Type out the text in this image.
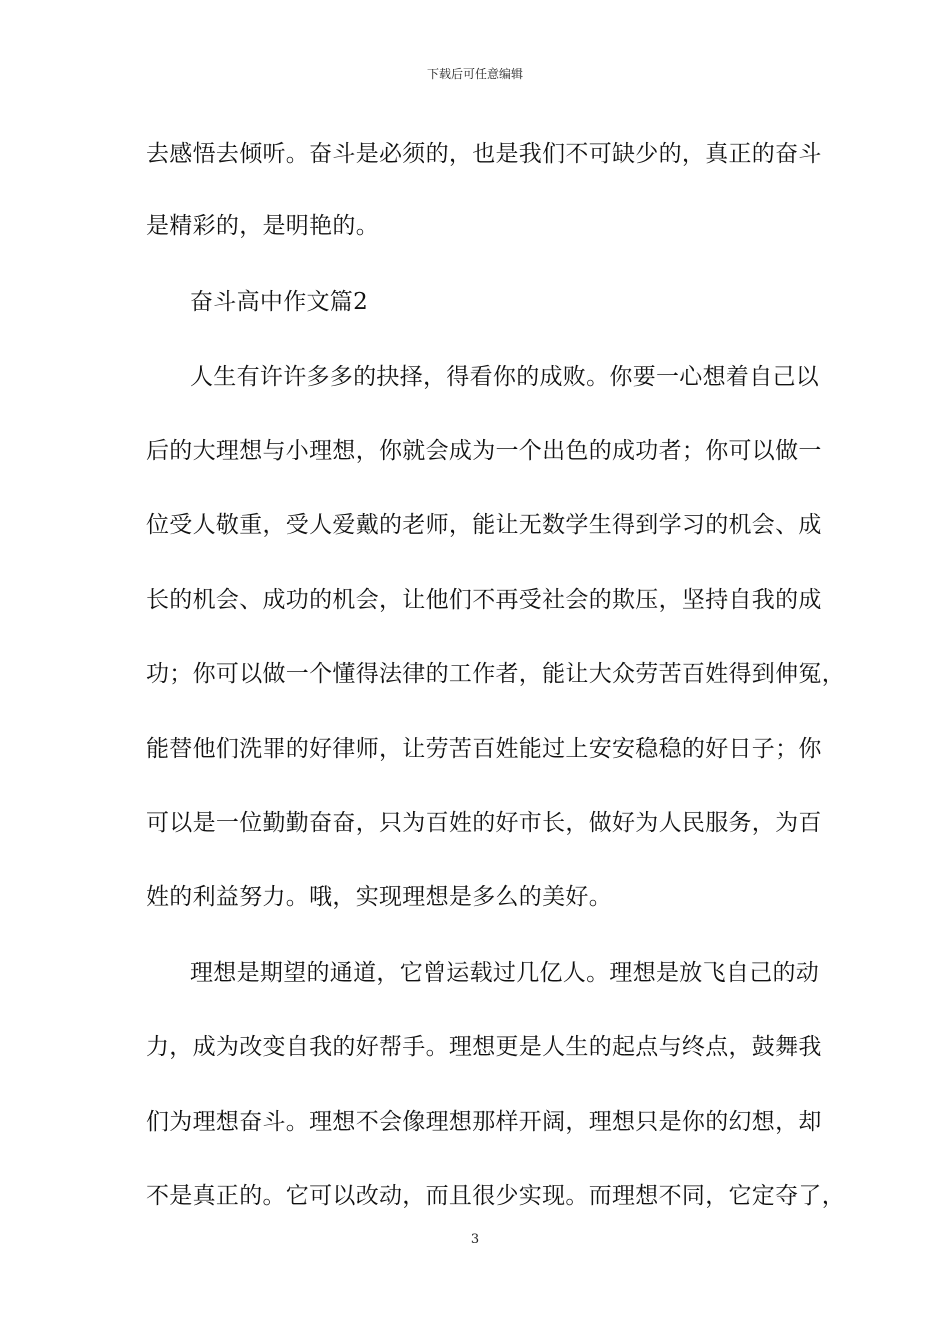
下载后可任意编辑
去感悟去倾听。奋斗是必须的，也是我们不可缺少的，真正的奋斗
是精彩的，是明艳的。
奋斗高中作文篇2
人生有许许多多的抉择，得看你的成败。你要一心想着自己以
后的大理想与小理想，你就会成为一个出色的成功者；你可以做一
位受人敬重，受人爱戴的老师，能让无数学生得到学习的机会、成
长的机会、成功的机会，让他们不再受社会的欺压，坚持自我的成
功；你可以做一个懂得法律的工作者，能让大众劳苦百姓得到伸冤，
能替他们洗罪的好律师，让劳苦百姓能过上安安稳稳的好日子；你
可以是一位勤勤奋奋，只为百姓的好市长，做好为人民服务，为百
姓的利益努力。哦，实现理想是多么的美好。
理想是期望的通道，它曾运载过几亿人。理想是放飞自己的动
力，成为改变自我的好帮手。理想更是人生的起点与终点，鼓舞我
们为理想奋斗。理想不会像理想那样开阔，理想只是你的幻想，却
不是真正的。它可以改动，而且很少实现。而理想不同，它定夺了，
3
